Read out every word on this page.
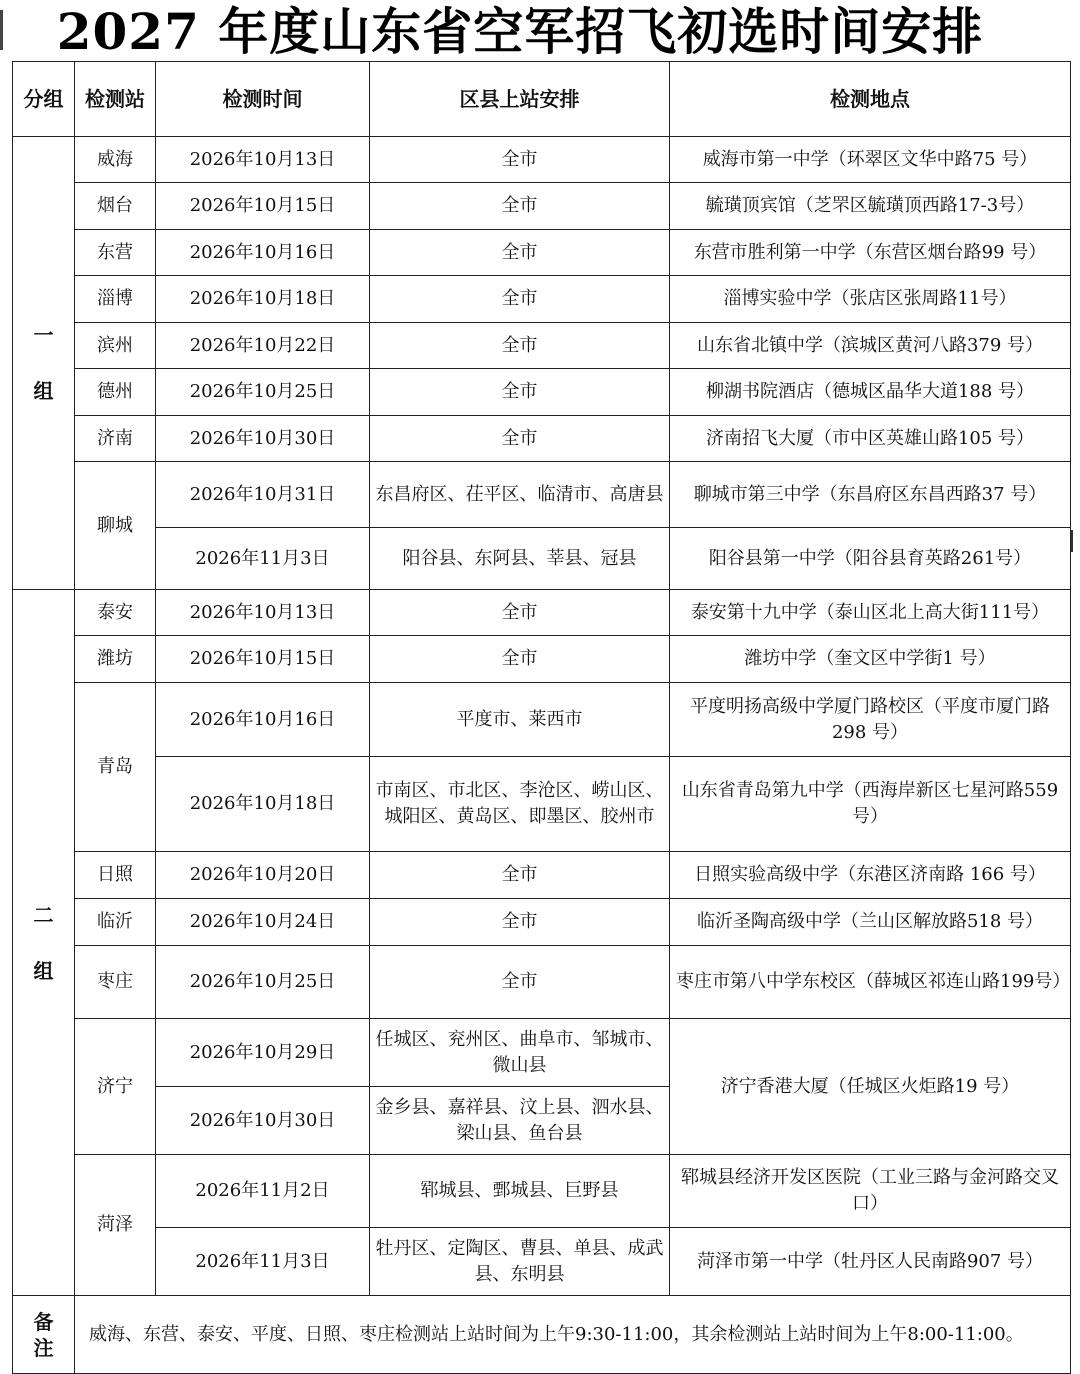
2027 年度山东省空军招飞初选时间安排
分组	检测站	检测时间	区县上站安排	检测地点

一
组	威海	2026年10月13日	全市	威海市第一中学（环翠区文华中路75 号）
	烟台	2026年10月15日	全市	毓璜顶宾馆（芝罘区毓璜顶西路17-3号）
	东营	2026年10月16日	全市	东营市胜利第一中学（东营区烟台路99 号）
	淄博	2026年10月18日	全市	淄博实验中学（张店区张周路11号）
	滨州	2026年10月22日	全市	山东省北镇中学（滨城区黄河八路379 号）
	德州	2026年10月25日	全市	柳湖书院酒店（德城区晶华大道188 号）
	济南	2026年10月30日	全市	济南招飞大厦（市中区英雄山路105 号）
	聊城	2026年10月31日	东昌府区、茌平区、临清市、高唐县	聊城市第三中学（东昌府区东昌西路37 号）
		2026年11月3日	阳谷县、东阿县、莘县、冠县	阳谷县第一中学（阳谷县育英路261号）

二
组	泰安	2026年10月13日	全市	泰安第十九中学（泰山区北上高大街111号）
	潍坊	2026年10月15日	全市	潍坊中学（奎文区中学街1 号）
	青岛	2026年10月16日	平度市、莱西市	平度明扬高级中学厦门路校区（平度市厦门路298 号）
		2026年10月18日	市南区、市北区、李沧区、崂山区、城阳区、黄岛区、即墨区、胶州市	山东省青岛第九中学（西海岸新区七星河路559 号）
	日照	2026年10月20日	全市	日照实验高级中学（东港区济南路 166 号）
	临沂	2026年10月24日	全市	临沂圣陶高级中学（兰山区解放路518 号）
	枣庄	2026年10月25日	全市	枣庄市第八中学东校区（薛城区祁连山路199号）
	济宁	2026年10月29日	任城区、兖州区、曲阜市、邹城市、微山县	济宁香港大厦（任城区火炬路19 号）
		2026年10月30日	金乡县、嘉祥县、汶上县、泗水县、梁山县、鱼台县	
	菏泽	2026年11月2日	郓城县、鄄城县、巨野县	郓城县经济开发区医院（工业三路与金河路交叉口）
		2026年11月3日	牡丹区、定陶区、曹县、单县、成武县、东明县	菏泽市第一中学（牡丹区人民南路907 号）

备
注	威海、东营、泰安、平度、日照、枣庄检测站上站时间为上午9:30-11:00，其余检测站上站时间为上午8:00-11:00。			
